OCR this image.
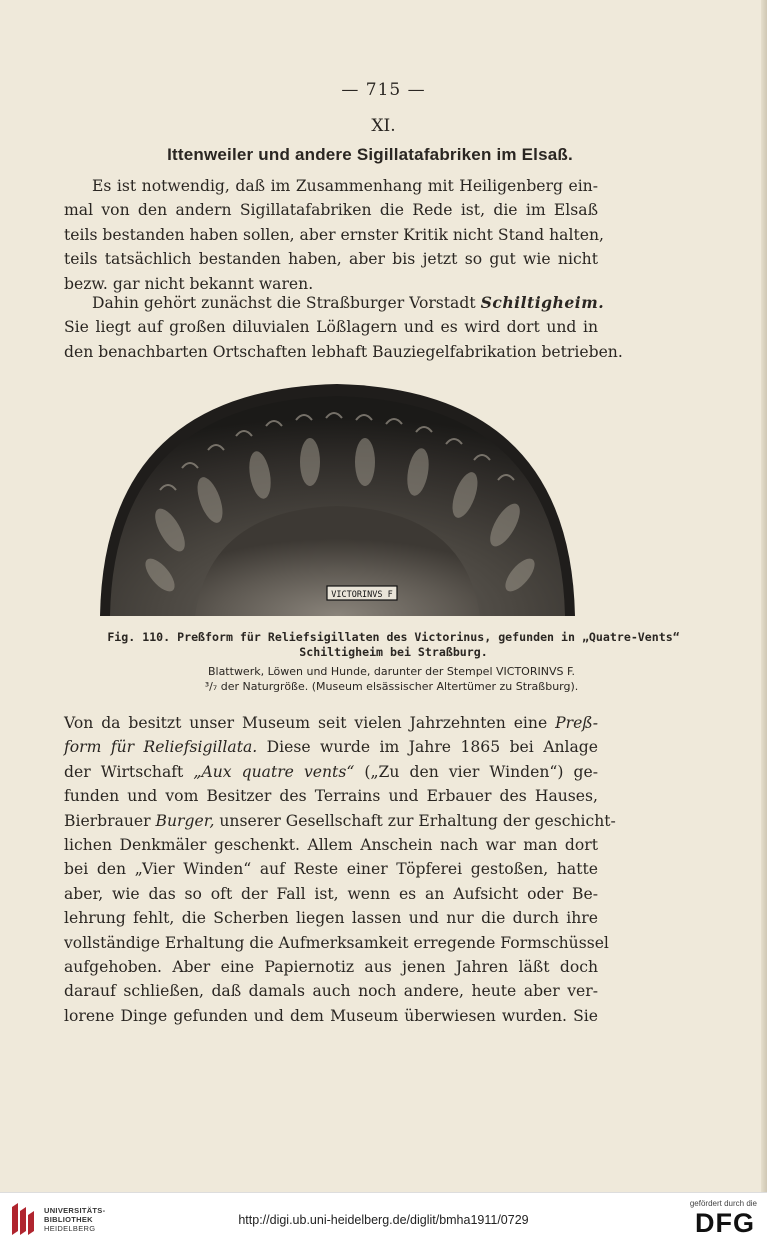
— 715 —
XI.
Ittenweiler und andere Sigillatafabriken im Elsaß.
Es ist notwendig, daß im Zusammenhang mit Heiligenberg ein-
mal von den andern Sigillatafabriken die Rede ist, die im Elsaß
teils bestanden haben sollen, aber ernster Kritik nicht Stand halten,
teils tatsächlich bestanden haben, aber bis jetzt so gut wie nicht
bezw. gar nicht bekannt waren.
Dahin gehört zunächst die Straßburger Vorstadt Schiltigheim.
Sie liegt auf großen diluvialen Lößlagern und es wird dort und in
den benachbarten Ortschaften lebhaft Bauziegelfabrikation betrieben.
VICTORINVS F
Fig. 110. Preßform für Reliefsigillaten des Victorinus, gefunden in „Quatre-Vents“
Schiltigheim bei Straßburg.
Blattwerk, Löwen und Hunde, darunter der Stempel VICTORINVS F.
³/₇ der Naturgröße. (Museum elsässischer Altertümer zu Straßburg).
Von da besitzt unser Museum seit vielen Jahrzehnten eine Preß-
form für Reliefsigillata. Diese wurde im Jahre 1865 bei Anlage
der Wirtschaft „Aux quatre vents“ („Zu den vier Winden“) ge-
funden und vom Besitzer des Terrains und Erbauer des Hauses,
Bierbrauer Burger, unserer Gesellschaft zur Erhaltung der geschicht-
lichen Denkmäler geschenkt. Allem Anschein nach war man dort
bei den „Vier Winden“ auf Reste einer Töpferei gestoßen, hatte
aber, wie das so oft der Fall ist, wenn es an Aufsicht oder Be-
lehrung fehlt, die Scherben liegen lassen und nur die durch ihre
vollständige Erhaltung die Aufmerksamkeit erregende Formschüssel
aufgehoben. Aber eine Papiernotiz aus jenen Jahren läßt doch
darauf schließen, daß damals auch noch andere, heute aber ver-
lorene Dinge gefunden und dem Museum überwiesen wurden. Sie
UNIVERSITÄTS-
BIBLIOTHEK
HEIDELBERG
http://digi.ub.uni-heidelberg.de/diglit/bmha1911/0729
gefördert durch die
DFG
